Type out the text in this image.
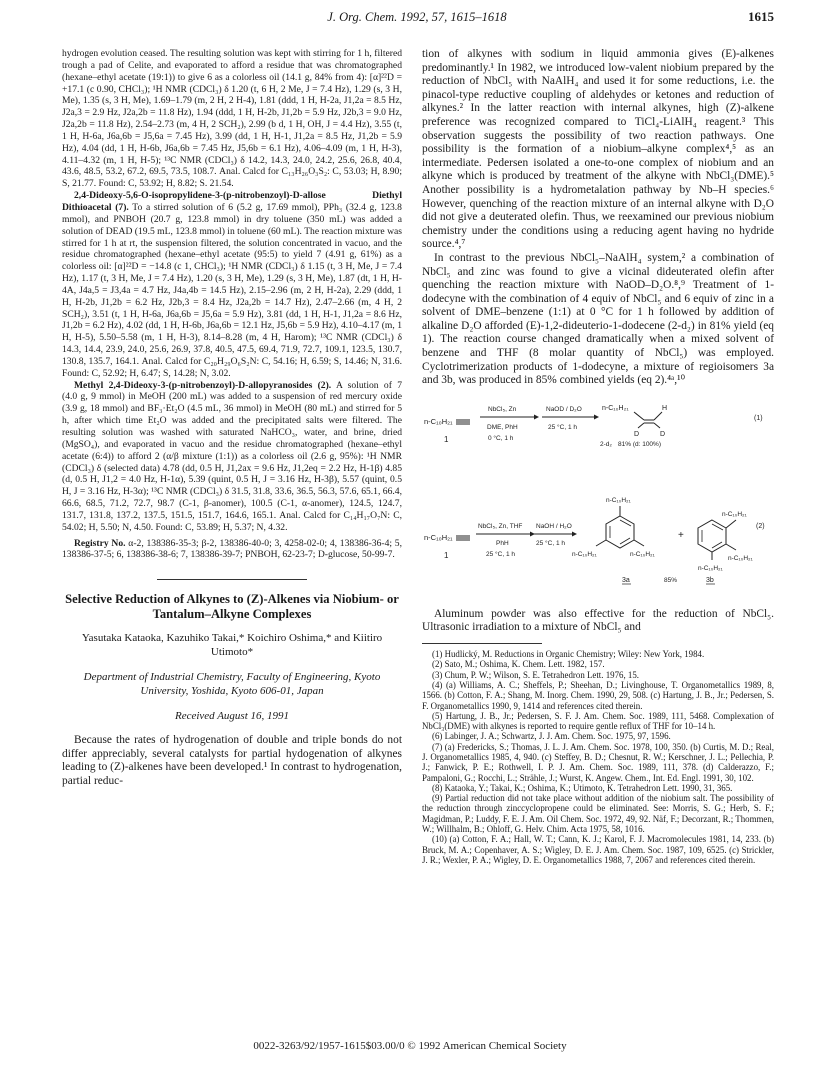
J. Org. Chem. 1992, 57, 1615–1618	1615

hydrogen evolution ceased. The resulting solution was kept with stirring for 1 h, filtered trough a pad of Celite, and evaporated to afford a residue that was chromatographed (hexane–ethyl acetate (19:1)) to give 6 as a colorless oil (14.1 g, 84% from 4): [α]²²D = +17.1 (c 0.90, CHCl₃); ¹H NMR (CDCl₃) δ 1.20 (t, 6 H, 2 Me, J = 7.4 Hz), 1.29 (s, 3 H, Me), 1.35 (s, 3 H, Me), 1.69–1.79 (m, 2 H, 2 H-4), 1.81 (ddd, 1 H, H-2a, J1,2a = 8.5 Hz, J2a,3 = 2.9 Hz, J2a,2b = 11.8 Hz), 1.94 (ddd, 1 H, H-2b, J1,2b = 5.9 Hz, J2b,3 = 9.0 Hz, J2a,2b = 11.8 Hz), 2.54–2.73 (m, 4 H, 2 SCH₂), 2.99 (b d, 1 H, OH, J = 4.4 Hz), 3.55 (t, 1 H, H-6a, J6a,6b = J5,6a = 7.45 Hz), 3.99 (dd, 1 H, H-1, J1,2a = 8.5 Hz, J1,2b = 5.9 Hz), 4.04 (dd, 1 H, H-6b, J6a,6b = 7.45 Hz, J5,6b = 6.1 Hz), 4.06–4.09 (m, 1 H, H-3), 4.11–4.32 (m, 1 H, H-5); ¹³C NMR (CDCl₃) δ 14.2, 14.3, 24.0, 24.2, 25.6, 26.8, 40.4, 43.6, 48.5, 53.2, 67.2, 69.5, 73.5, 108.7. Anal. Calcd for C₁₃H₂₆O₃S₂: C, 53.03; H, 8.90; S, 21.77. Found: C, 53.92; H, 8.82; S. 21.54.

2,4-Dideoxy-5,6-O-isopropylidene-3-(p-nitrobenzoyl)-D-allose Diethyl Dithioacetal (7). To a stirred solution of 6 (5.2 g, 17.69 mmol), PPh₃ (32.4 g, 123.8 mmol), and PNBOH (20.7 g, 123.8 mmol) in dry toluene (350 mL) was added a solution of DEAD (19.5 mL, 123.8 mmol) in toluene (60 mL). The reaction mixture was stirred for 1 h at rt, the suspension filtered, the solution concentrated in vacuo, and the residue chromatographed (hexane–ethyl acetate (95:5) to yield 7 (4.91 g, 61%) as a colorless oil: [α]²²D = −14.8 (c 1, CHCl₃); ¹H NMR (CDCl₃) δ 1.15 (t, 3 H, Me, J = 7.4 Hz), 1.17 (t, 3 H, Me, J = 7.4 Hz), 1.20 (s, 3 H, Me), 1.29 (s, 3 H, Me), 1.87 (dt, 1 H, H-4A, J4a,5 = J3,4a = 4.7 Hz, J4a,4b = 14.5 Hz), 2.15–2.96 (m, 2 H, H-2a), 2.29 (ddd, 1 H, H-2b, J1,2b = 6.2 Hz, J2b,3 = 8.4 Hz, J2a,2b = 14.7 Hz), 2.47–2.66 (m, 4 H, 2 SCH₂), 3.51 (t, 1 H, H-6a, J6a,6b = J5,6a = 5.9 Hz), 3.81 (dd, 1 H, H-1, J1,2a = 8.6 Hz, J1,2b = 6.2 Hz), 4.02 (dd, 1 H, H-6b, J6a,6b = 12.1 Hz, J5,6b = 5.9 Hz), 4.10–4.17 (m, 1 H, H-5), 5.50–5.58 (m, 1 H, H-3), 8.14–8.28 (m, 4 H, Harom); ¹³C NMR (CDCl₃) δ 14.3, 14.4, 23.9, 24.0, 25.6, 26.9, 37.8, 40.5, 47.5, 69.4, 71.9, 72.7, 109.1, 123.5, 130.7, 130.8, 135.7, 164.1. Anal. Calcd for C₂₀H₂₉O₆S₂N: C, 54.16; H, 6.59; S, 14.46; N, 31.6. Found: C, 52.92; H, 6.47; S, 14.28; N, 3.02.

Methyl 2,4-Dideoxy-3-(p-nitrobenzoyl)-D-allopyranosides (2). A solution of 7 (4.0 g, 9 mmol) in MeOH (200 mL) was added to a suspension of red mercury oxide (3.9 g, 18 mmol) and BF₃·Et₂O (4.5 mL, 36 mmol) in MeOH (80 mL) and stirred for 5 h, after which time Et₂O was added and the precipitated salts were filtered. The resulting solution was washed with saturated NaHCO₃, water, and brine, dried (MgSO₄), and evaporated in vacuo and the residue chromatographed (hexane–ethyl acetate (6:4)) to afford 2 (α/β mixture (1:1)) as a colorless oil (2.6 g, 95%): ¹H NMR (CDCl₃) δ (selected data) 4.78 (dd, 0.5 H, J1,2ax = 9.6 Hz, J1,2eq = 2.2 Hz, H-1β) 4.85 (d, 0.5 H, J1,2 = 4.0 Hz, H-1α), 5.39 (quint, 0.5 H, J = 3.16 Hz, H-3β), 5.57 (quint, 0.5 H, J = 3.16 Hz, H-3α); ¹³C NMR (CDCl₃) δ 31.5, 31.8, 33.6, 36.5, 56.3, 57.6, 65.1, 66.4, 66.6, 68.5, 71.2, 72.7, 98.7 (C-1, β-anomer), 100.5 (C-1, α-anomer), 124.5, 124.7, 131.7, 131.8, 137.2, 137.5, 151.5, 151.7, 164.6, 165.1. Anal. Calcd for C₁₄H₁₇O₇N: C, 54.02; H, 5.50; N, 4.50. Found: C, 53.89; H, 5.37; N, 4.32.

Registry No. α-2, 138386-35-3; β-2, 138386-40-0; 3, 4258-02-0; 4, 138386-36-4; 5, 138386-37-5; 6, 138386-38-6; 7, 138386-39-7; PNBOH, 62-23-7; D-glucose, 50-99-7.

Selective Reduction of Alkynes to (Z)-Alkenes via Niobium- or Tantalum–Alkyne Complexes
Yasutaka Kataoka, Kazuhiko Takai,* Koichiro Oshima,* and Kiitiro Utimoto*
Department of Industrial Chemistry, Faculty of Engineering, Kyoto University, Yoshida, Kyoto 606-01, Japan
Received August 16, 1991

Because the rates of hydrogenation of double and triple bonds do not differ appreciably, several catalysts for partial hydogenation of alkynes leading to (Z)-alkenes have been developed.¹ In contrast to hydrogenation, partial reduc-

tion of alkynes with sodium in liquid ammonia gives (E)-alkenes predominantly.¹ In 1982, we introduced low-valent niobium prepared by the reduction of NbCl₅ with NaAlH₄ and used it for some reductions, i.e. the pinacol-type reductive coupling of aldehydes or ketones and reduction of alkynes.² In the latter reaction with internal alkynes, high (Z)-alkene preference was recognized compared to TiCl₄-LiAlH₄ reagent.³ This observation suggests the possibility of two reaction pathways. One possibility is the formation of a niobium–alkyne complex⁴,⁵ as an intermediate. Pedersen isolated a one-to-one complex of niobium and an alkyne which is produced by treatment of the alkyne with NbCl₃(DME).⁵ Another possibility is a hydrometalation pathway by Nb–H species.⁶ However, quenching of the reaction mixture of an internal alkyne with D₂O did not give a deuterated olefin. Thus, we reexamined our previous niobium chemistry under the conditions using a reducing agent having no hydride source.⁴,⁷

In contrast to the previous NbCl₅–NaAlH₄ system,² a combination of NbCl₅ and zinc was found to give a vicinal dideuterated olefin after quenching the reaction mixture with NaOD–D₂O.⁸,⁹ Treatment of 1-dodecyne with the combination of 4 equiv of NbCl₅ and 6 equiv of zinc in a solvent of DME–benzene (1:1) at 0 °C for 1 h followed by addition of alkaline D₂O afforded (E)-1,2-dideuterio-1-dodecene (2-d₂) in 81% yield (eq 1). The reaction course changed dramatically when a mixed solvent of benzene and THF (8 molar quantity of NbCl₅) was employed. Cyclotrimerization products of 1-dodecyne, a mixture of regioisomers 3a and 3b, was produced in 85% combined yields (eq 2).⁴ᵃ,¹⁰

n-C₁₀H₂₁
NbCl₅, Zn
DME, PhH
0 °C, 1 h
NaOD / D₂O
25 °C, 1 h
n-C₁₀H₂₁	H
D	D
1
2-d₂ 81% (d: 100%)
(1)
n-C₁₀H₂₁
NbCl₅, Zn, THF
PhH
25 °C, 1 h
NaOH / H₂O
25 °C, 1 h
n-C₁₀H₂₁
n-C₁₀H₂₁	n-C₁₀H₂₁
n-C₁₀H₂₁
n-C₁₀H₂₁
n-C₁₀H₂₁
+
1
3a	85%	3b
(2)

Aluminum powder was also effective for the reduction of NbCl₅. Ultrasonic irradiation to a mixture of NbCl₅ and

(1) Hudlický, M. Reductions in Organic Chemistry; Wiley: New York, 1984.

(2) Sato, M.; Oshima, K. Chem. Lett. 1982, 157.

(3) Chum, P. W.; Wilson, S. E. Tetrahedron Lett. 1976, 15.

(4) (a) Williams, A. C.; Sheffels, P.; Sheehan, D.; Livinghouse, T. Organometallics 1989, 8, 1566. (b) Cotton, F. A.; Shang, M. Inorg. Chem. 1990, 29, 508. (c) Hartung, J. B., Jr.; Pedersen, S. F. Organometallics 1990, 9, 1414 and references cited therein.

(5) Hartung, J. B., Jr.; Pedersen, S. F. J. Am. Chem. Soc. 1989, 111, 5468. Complexation of NbCl₃(DME) with alkynes is reported to require gentle reflux of THF for 10–14 h.

(6) Labinger, J. A.; Schwartz, J. J. Am. Chem. Soc. 1975, 97, 1596.

(7) (a) Fredericks, S.; Thomas, J. L. J. Am. Chem. Soc. 1978, 100, 350. (b) Curtis, M. D.; Real, J. Organometallics 1985, 4, 940. (c) Steffey, B. D.; Chesnut, R. W.; Kerschner, J. L.; Pellechia, P. J.; Fanwick, P. E.; Rothwell, I. P. J. Am. Chem. Soc. 1989, 111, 378. (d) Calderazzo, F.; Pampaloni, G.; Rocchi, L.; Strähle, J.; Wurst, K. Angew. Chem., Int. Ed. Engl. 1991, 30, 102.

(8) Kataoka, Y.; Takai, K.; Oshima, K.; Utimoto, K. Tetrahedron Lett. 1990, 31, 365.

(9) Partial reduction did not take place without addition of the niobium salt. The possibility of the reduction through zinccyclopropene could be eliminated. See: Morris, S. G.; Herb, S. F.; Magidman, P.; Luddy, F. E. J. Am. Oil Chem. Soc. 1972, 49, 92. Näf, F.; Decorzant, R.; Thommen, W.; Willhalm, B.; Ohloff, G. Helv. Chim. Acta 1975, 58, 1016.

(10) (a) Cotton, F. A.; Hall, W. T.; Cann, K. J.; Karol, F. J. Macromolecules 1981, 14, 233. (b) Bruck, M. A.; Copenhaver, A. S.; Wigley, D. E. J. Am. Chem. Soc. 1987, 109, 6525. (c) Strickler, J. R.; Wexler, P. A.; Wigley, D. E. Organometallics 1988, 7, 2067 and references cited therein.

0022-3263/92/1957-1615$03.00/0 © 1992 American Chemical Society
